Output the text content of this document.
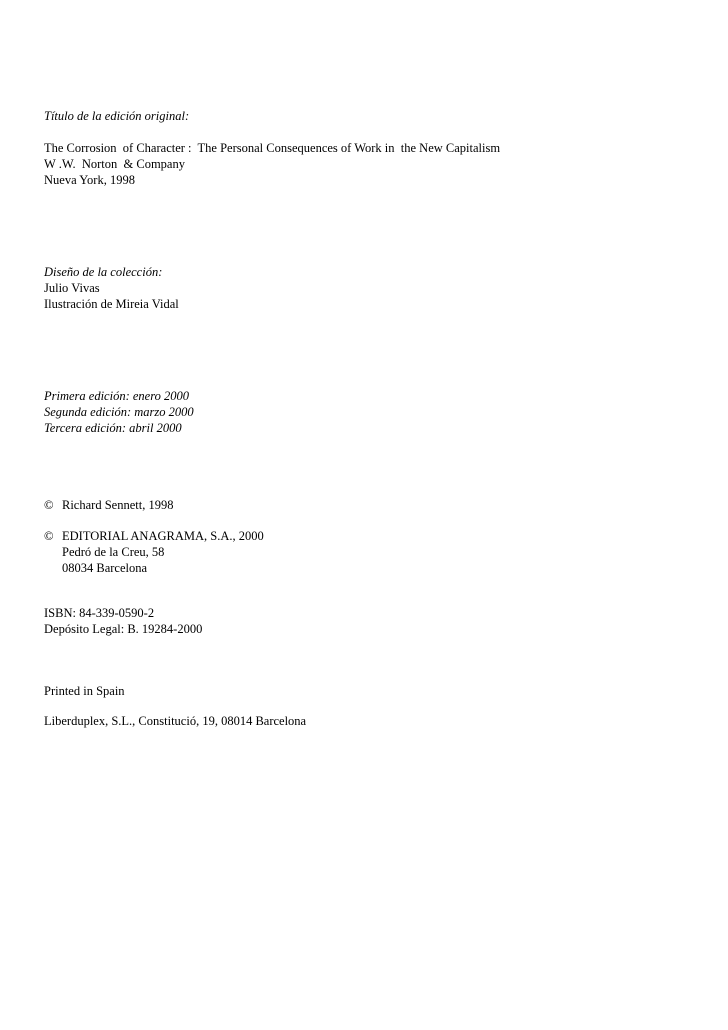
Título de la edición original:
The Corrosion  of Character :  The Personal Consequences of Work in  the New Capitalism
W .W.  Norton  & Company
Nueva York, 1998
Diseño de la colección:
Julio Vivas
Ilustración de Mireia Vidal
Primera edición: enero 2000
Segunda edición: marzo 2000
Tercera edición: abril 2000
© Richard Sennett, 1998
© EDITORIAL ANAGRAMA, S.A., 2000
Pedró de la Creu, 58
08034 Barcelona
ISBN: 84-339-0590-2
Depósito Legal: B. 19284-2000
Printed in Spain
Liberduplex, S.L., Constitució, 19, 08014 Barcelona
